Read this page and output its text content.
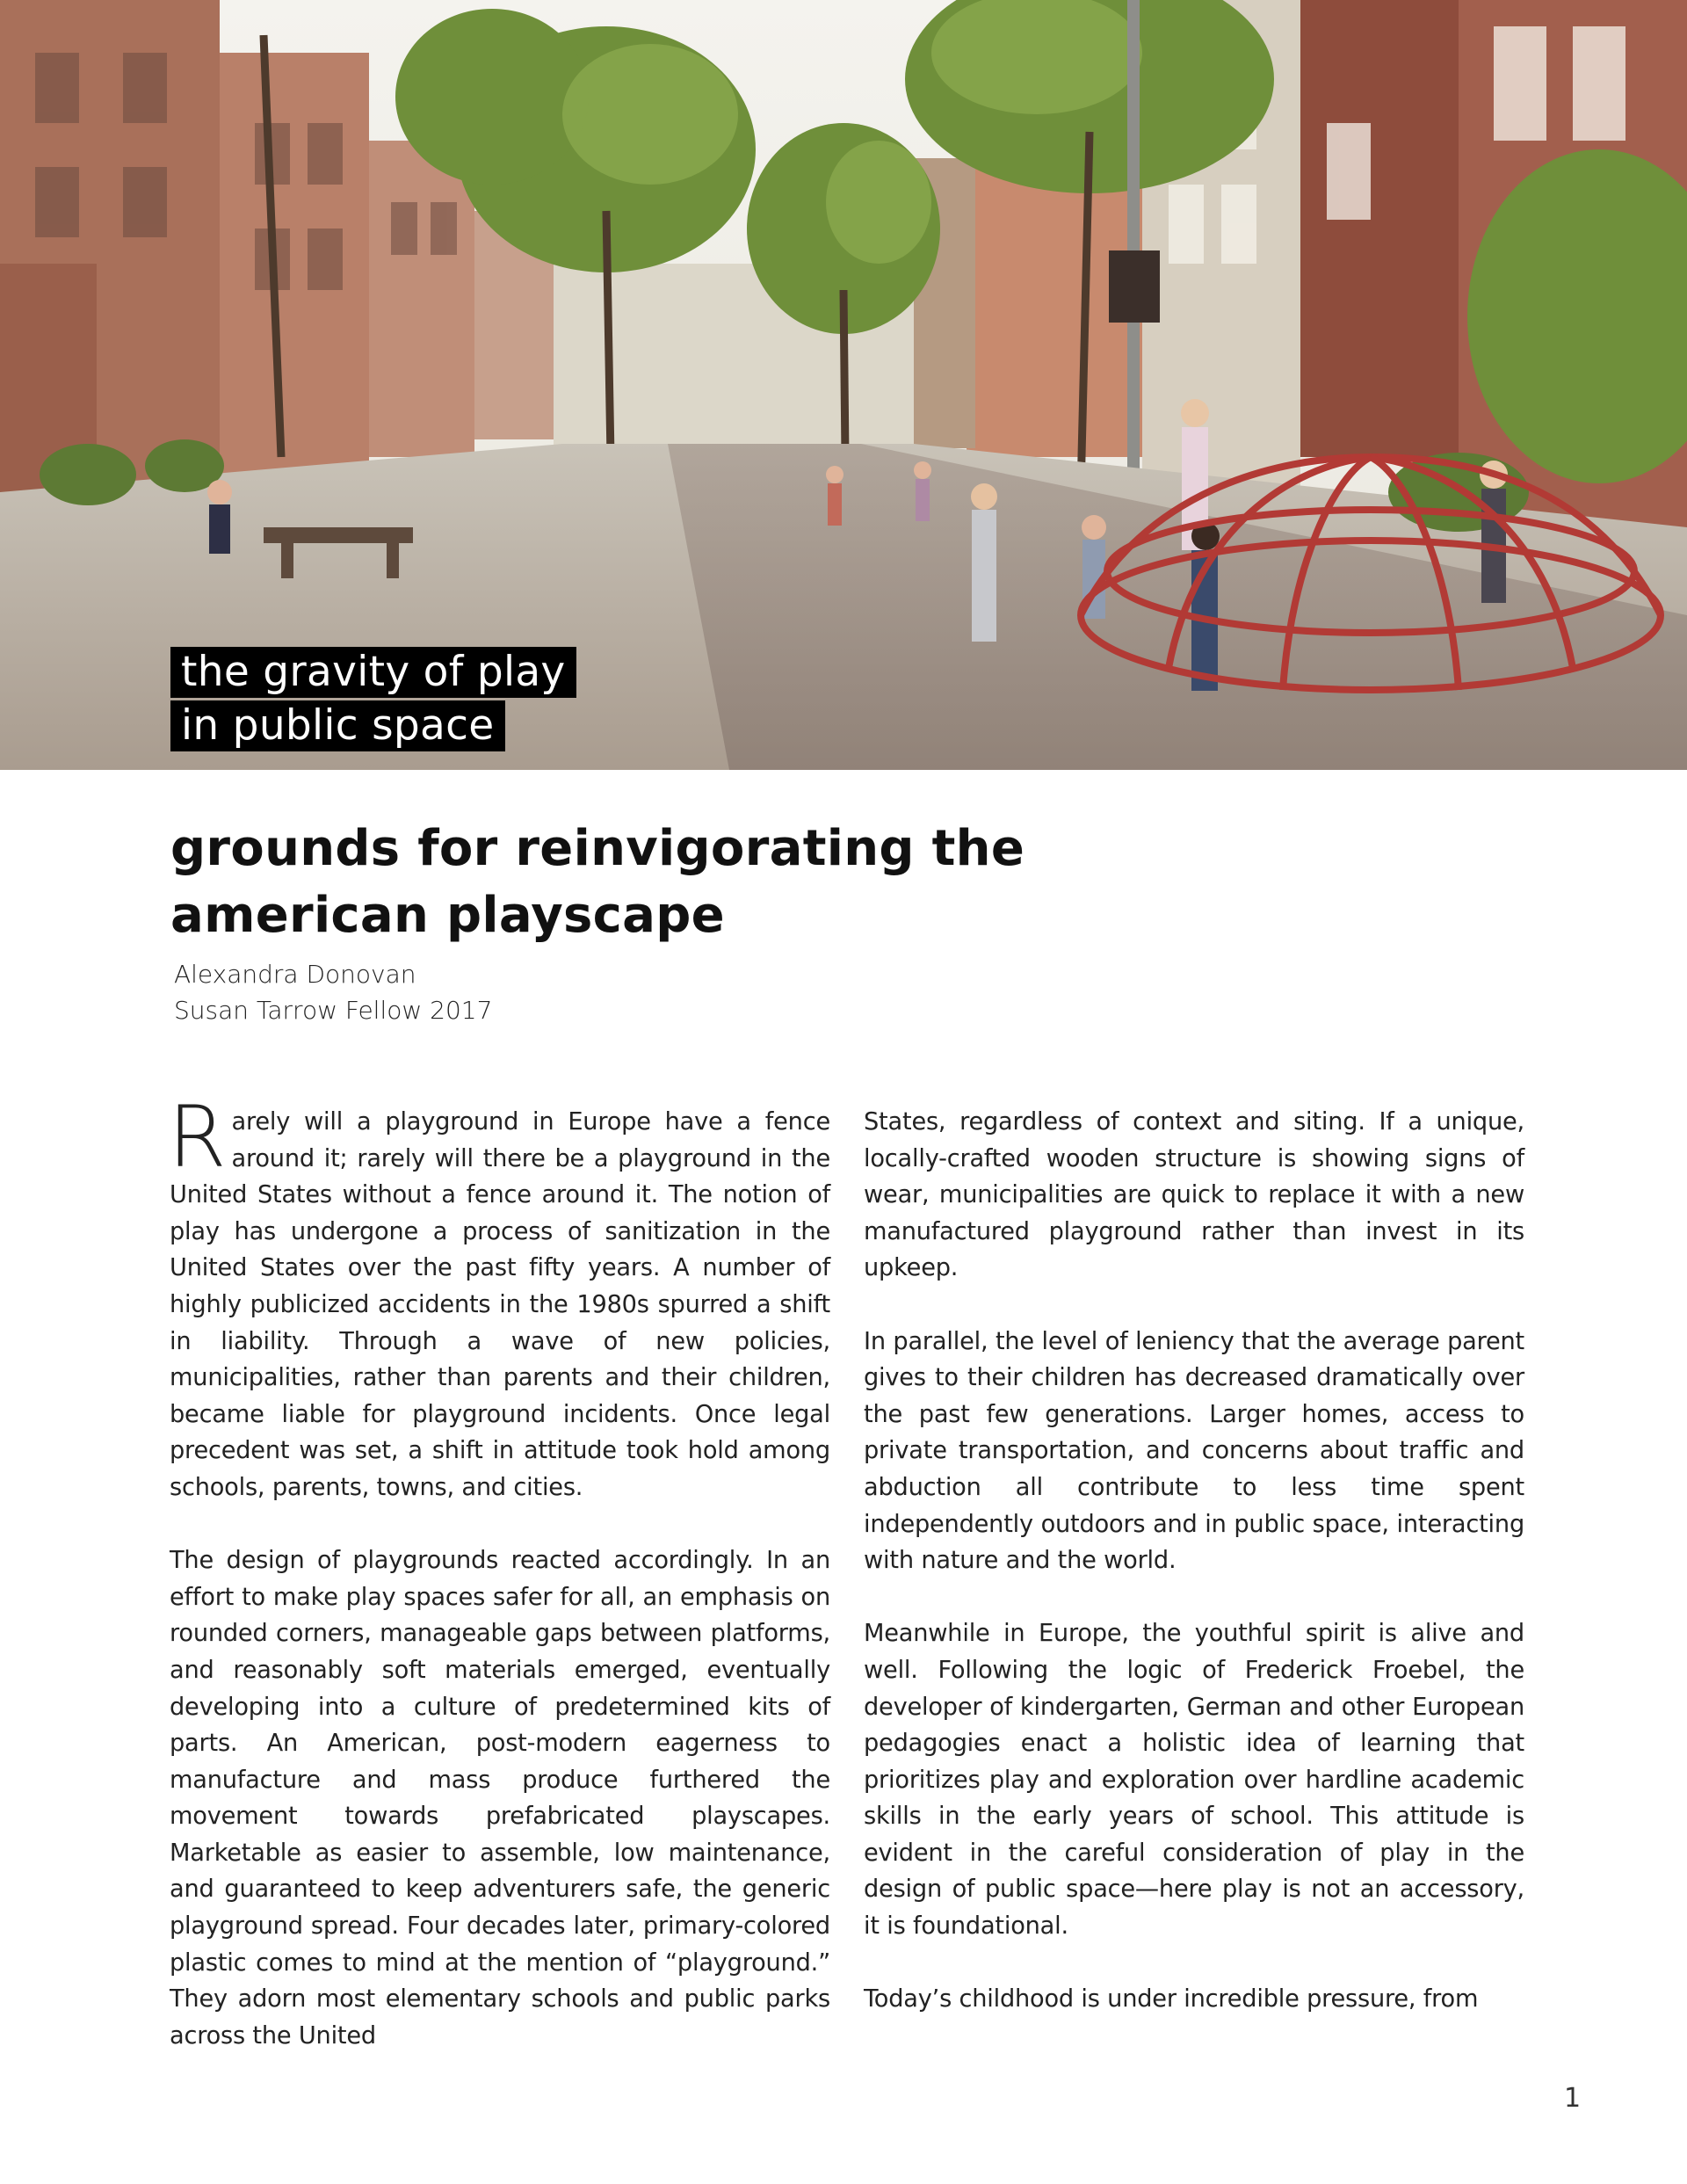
the gravity of play
in public space
grounds for reinvigorating the
american playscape
Alexandra Donovan
Susan Tarrow Fellow 2017

Rarely will a playground in Europe have a fence around it; rarely will there be a playground in the United States without a fence around it. The notion of play has undergone a process of sanitization in the United States over the past fifty years. A number of highly publicized accidents in the 1980s spurred a shift in liability. Through a wave of new policies, municipalities, rather than parents and their children, became liable for playground incidents. Once legal precedent was set, a shift in attitude took hold among schools, parents, towns, and cities.

The design of playgrounds reacted accordingly. In an effort to make play spaces safer for all, an emphasis on rounded corners, manageable gaps between platforms, and reasonably soft materials emerged, eventually developing into a culture of predetermined kits of parts. An American, post-modern eagerness to manufacture and mass produce furthered the movement towards prefabricated playscapes. Marketable as easier to assemble, low maintenance, and guaranteed to keep adventurers safe, the generic playground spread. Four decades later, primary-colored plastic comes to mind at the mention of “playground.” They adorn most elementary schools and public parks across the United

States, regardless of context and siting. If a unique, locally-crafted wooden structure is showing signs of wear, municipalities are quick to replace it with a new manufactured playground rather than invest in its upkeep.

In parallel, the level of leniency that the average parent gives to their children has decreased dramatically over the past few generations. Larger homes, access to private transportation, and concerns about traffic and abduction all contribute to less time spent independently outdoors and in public space, interacting with nature and the world.

Meanwhile in Europe, the youthful spirit is alive and well. Following the logic of Frederick Froebel, the developer of kindergarten, German and other European pedagogies enact a holistic idea of learning that prioritizes play and exploration over hardline academic skills in the early years of school. This attitude is evident in the careful consideration of play in the design of public space—here play is not an accessory, it is foundational.

Today’s childhood is under incredible pressure, from

1
